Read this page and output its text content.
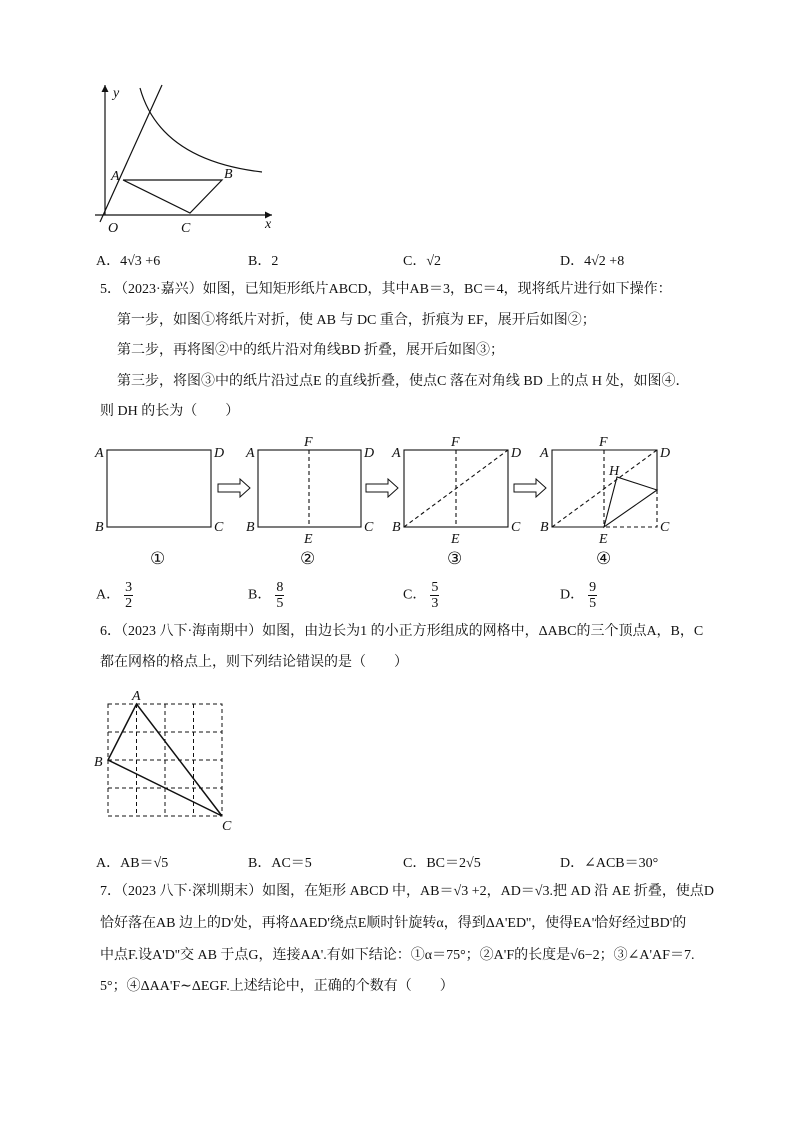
y
x
O
A	B
C
A
B
D
C
A
B
F
E
D
C
A
B
F
E
D
C
A
B
F
E
D
C
H
①	②	③	④
A
B
C
A．4√3 +6	B．2	C．√2	D．4√2 +8
5．（2023·嘉兴）如图，已知矩形纸片ABCD，其中AB＝3，BC＝4，现将纸片进行如下操作：
第一步，如图①将纸片对折，使 AB 与 DC 重合，折痕为 EF，展开后如图②；
第二步，再将图②中的纸片沿对角线BD 折叠，展开后如图③；
第三步，将图③中的纸片沿过点E 的直线折叠，使点C 落在对角线 BD 上的点 H 处，如图④．
则 DH 的长为（　　）
A． $\frac{3}{2}$	B． $\frac{8}{5}$	C． $\frac{5}{3}$	D． $\frac{9}{5}$
6．（2023 八下·海南期中）如图，由边长为1 的小正方形组成的网格中，ΔABC的三个顶点A，B，C
都在网格的格点上，则下列结论错误的是（　　）
A．AB＝√5	B．AC＝5	C．BC＝2√5	D．∠ACB＝30°
7．（2023 八下·深圳期末）如图，在矩形 ABCD 中，AB＝√3 +2，AD＝√3.把 AD 沿 AE 折叠，使点D
恰好落在AB 边上的D'处，再将ΔAED'绕点E顺时针旋转α，得到ΔA'ED''，使得EA'恰好经过BD'的
中点F.设A'D''交 AB 于点G，连接AA'.有如下结论：①α＝75°；②A'F的长度是√6−2；③∠A'AF＝7.
5°；④ΔAA'F∼ΔEGF.上述结论中，正确的个数有（　　）
